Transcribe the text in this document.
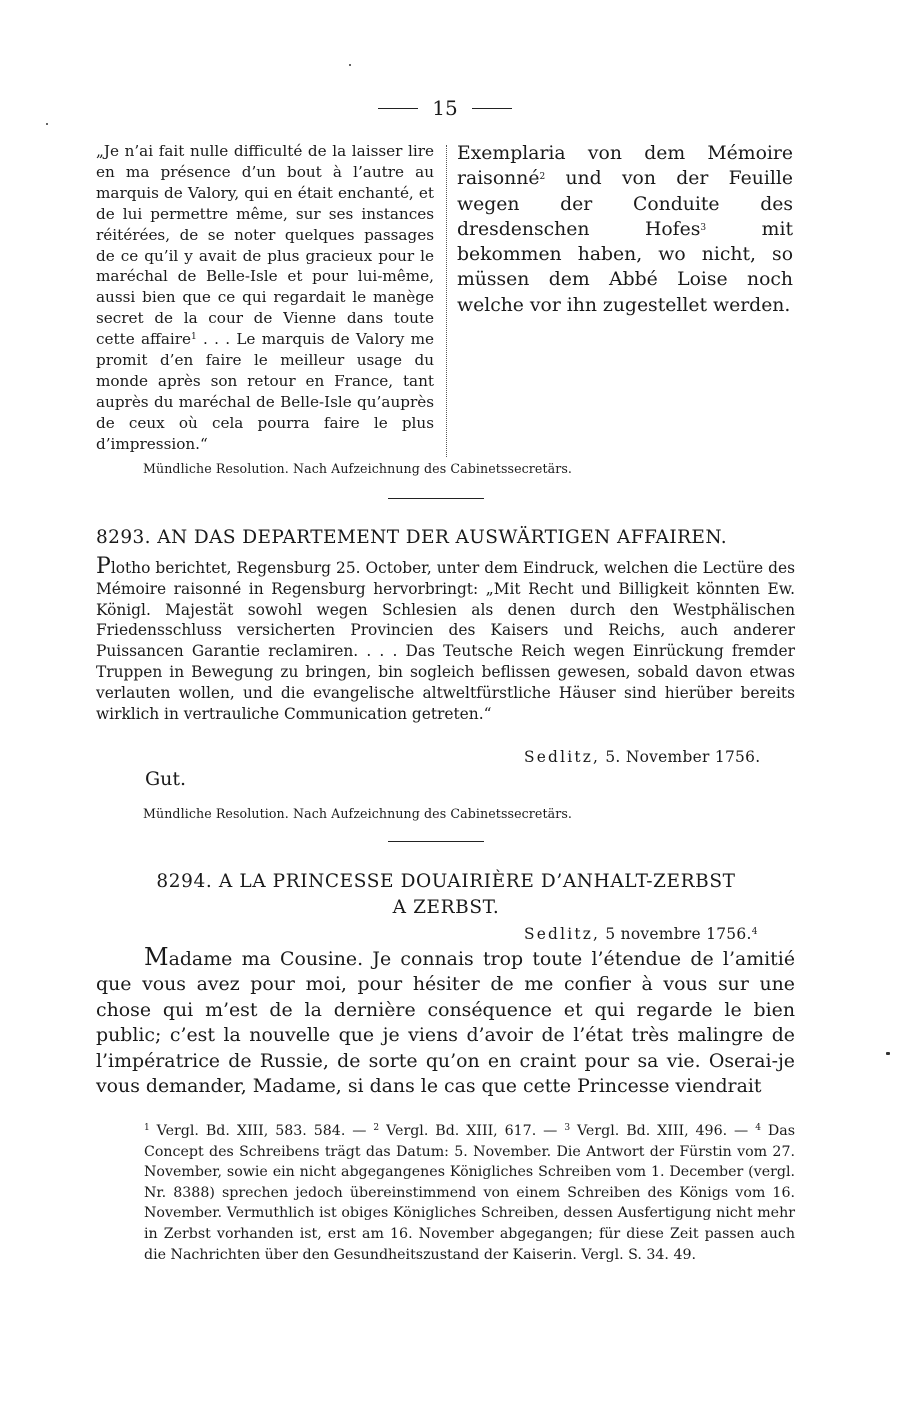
15
„Je n’ai fait nulle difficulté de la laisser lire en ma présence d’un bout à l’autre au marquis de Valory, qui en était enchanté, et de lui permettre même, sur ses instances réitérées, de se noter quelques passages de ce qu’il y avait de plus gracieux pour le maréchal de Belle-Isle et pour lui-même, aussi bien que ce qui regardait le manège secret de la cour de Vienne dans toute cette affaire$^1$ . . . Le marquis de Valory me promit d’en faire le meilleur usage du monde après son retour en France, tant auprès du maréchal de Belle-Isle qu’auprès de ceux où cela pourra faire le plus d’impression.“
Exemplaria von dem Mémoire raisonné$^2$ und von der Feuille wegen der Conduite des dresdenschen Hofes$^3$ mit bekommen haben, wo nicht, so müssen dem Abbé Loise noch welche vor ihn zugestellet werden.
Mündliche Resolution. Nach Aufzeichnung des Cabinetssecretärs.
8293. AN DAS DEPARTEMENT DER AUSWÄRTIGEN AFFAIREN.
Plotho berichtet, Regensburg 25. October, unter dem Eindruck, welchen die Lectüre des Mémoire raisonné in Regensburg hervorbringt: „Mit Recht und Billigkeit könnten Ew. Königl. Majestät sowohl wegen Schlesien als denen durch den Westphälischen Friedensschluss versicherten Provincien des Kaisers und Reichs, auch anderer Puissancen Garantie reclamiren. . . . Das Teutsche Reich wegen Einrückung fremder Truppen in Bewegung zu bringen, bin sogleich beflissen gewesen, sobald davon etwas verlauten wollen, und die evangelische altweltfürstliche Häuser sind hierüber bereits wirklich in vertrauliche Communication getreten.“
Sedlitz, 5. November 1756.
Gut.
Mündliche Resolution. Nach Aufzeichnung des Cabinetssecretärs.
8294. A LA PRINCESSE DOUAIRIÈRE D’ANHALT-ZERBST
A ZERBST.
Sedlitz, 5 novembre 1756.$^4$
Madame ma Cousine. Je connais trop toute l’étendue de l’amitié que vous avez pour moi, pour hésiter de me confier à vous sur une chose qui m’est de la dernière conséquence et qui regarde le bien public; c’est la nouvelle que je viens d’avoir de l’état très malingre de l’impératrice de Russie, de sorte qu’on en craint pour sa vie. Oserai-je vous demander, Madame, si dans le cas que cette Princesse viendrait
$^1$ Vergl. Bd. XIII, 583. 584. — $^2$ Vergl. Bd. XIII, 617. — $^3$ Vergl. Bd. XIII, 496. — $^4$ Das Concept des Schreibens trägt das Datum: 5. November. Die Antwort der Fürstin vom 27. November, sowie ein nicht abgegangenes Königliches Schreiben vom 1. December (vergl. Nr. 8388) sprechen jedoch übereinstimmend von einem Schreiben des Königs vom 16. November. Vermuthlich ist obiges Königliches Schreiben, dessen Ausfertigung nicht mehr in Zerbst vorhanden ist, erst am 16. November abgegangen; für diese Zeit passen auch die Nachrichten über den Gesundheitszustand der Kaiserin. Vergl. S. 34. 49.
